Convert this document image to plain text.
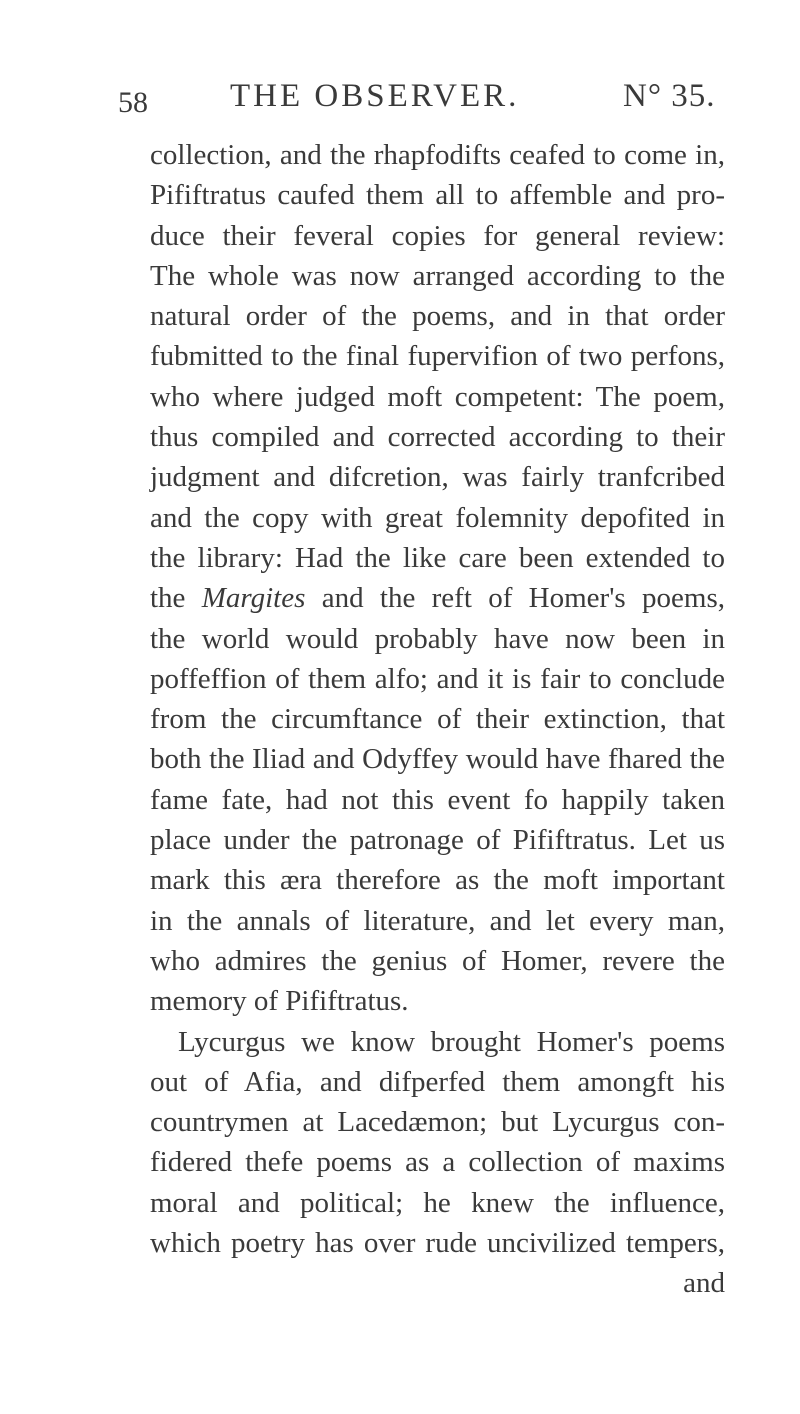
58 THE OBSERVER.	N° 35.
collection, and the rhapfodifts ceafed to come in,
Pififtratus caufed them all to affemble and pro-
duce their feveral copies for general review:
The whole was now arranged according to the
natural order of the poems, and in that order
fubmitted to the final fupervifion of two perfons,
who where judged moft competent: The poem,
thus compiled and corrected according to their
judgment and difcretion, was fairly tranfcribed
and the copy with great folemnity depofited in
the library: Had the like care been extended to
the Margites and the reft of Homer's poems,
the world would probably have now been in
poffeffion of them alfo; and it is fair to conclude
from the circumftance of their extinction, that
both the Iliad and Odyffey would have fhared the
fame fate, had not this event fo happily taken
place under the patronage of Pififtratus. Let us
mark this æra therefore as the moft important
in the annals of literature, and let every man,
who admires the genius of Homer, revere the
memory of Pififtratus.
Lycurgus we know brought Homer's poems
out of Afia, and difperfed them amongft his
countrymen at Lacedæmon; but Lycurgus con-
fidered thefe poems as a collection of maxims
moral and political; he knew the influence,
which poetry has over rude uncivilized tempers,
and
